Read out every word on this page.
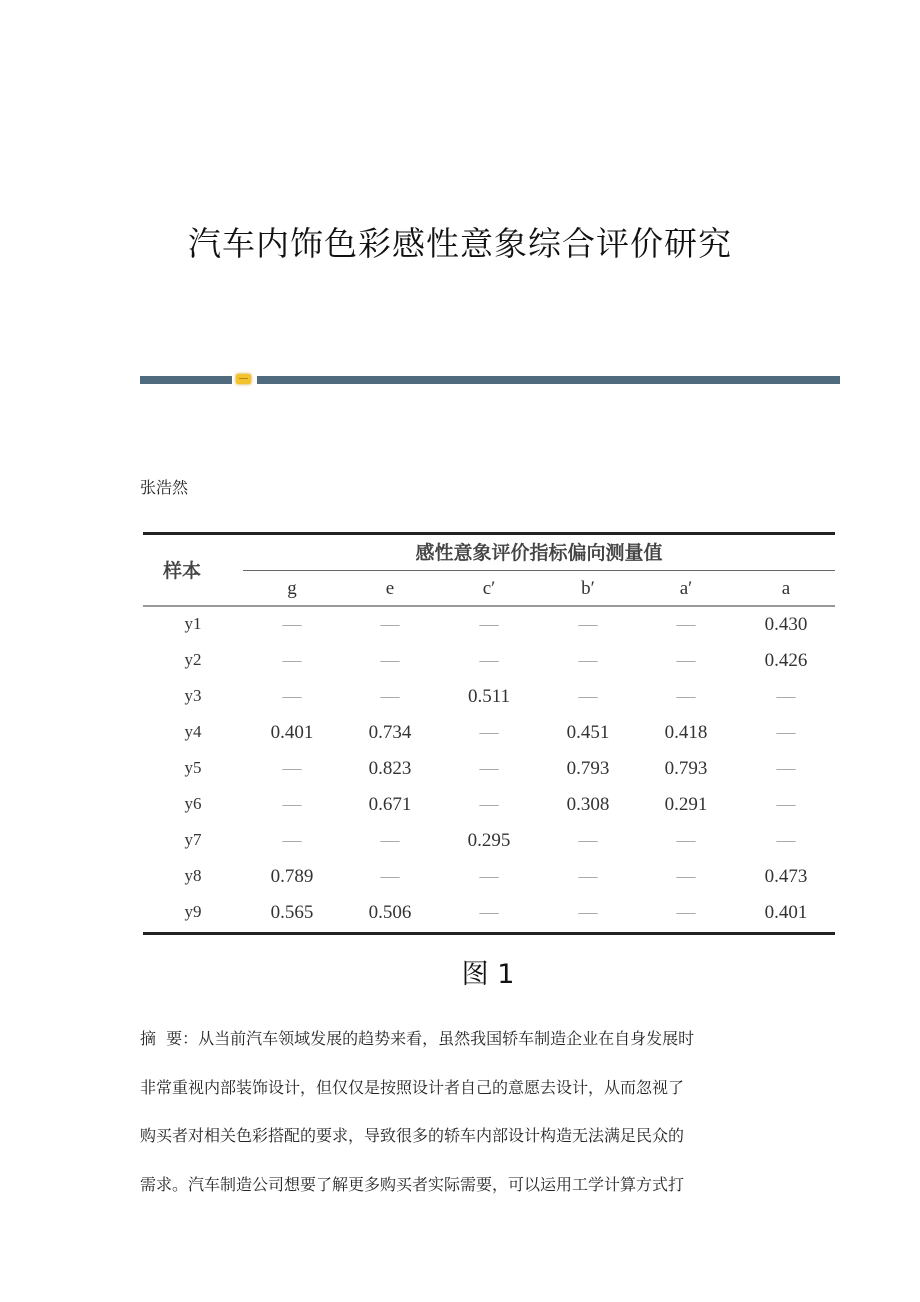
汽车内饰色彩感性意象综合评价研究
张浩然
样本
感性意象评价指标偏向测量值
g	e	c′	b′	a′	a
y1	—	—	—	—	—	0.430
y2	—	—	—	—	—	0.426
y3	—	—	0.511	—	—	—
y4	0.401	0.734	—	0.451	0.418	—
y5	—	0.823	—	0.793	0.793	—
y6	—	0.671	—	0.308	0.291	—
y7	—	—	0.295	—	—	—
y8	0.789	—	—	—	—	0.473
y9	0.565	0.506	—	—	—	0.401
图 1
摘  要：从当前汽车领域发展的趋势来看，虽然我国轿车制造企业在自身发展时
非常重视内部装饰设计，但仅仅是按照设计者自己的意愿去设计，从而忽视了
购买者对相关色彩搭配的要求，导致很多的轿车内部设计构造无法满足民众的
需求。汽车制造公司想要了解更多购买者实际需要，可以运用工学计算方式打
